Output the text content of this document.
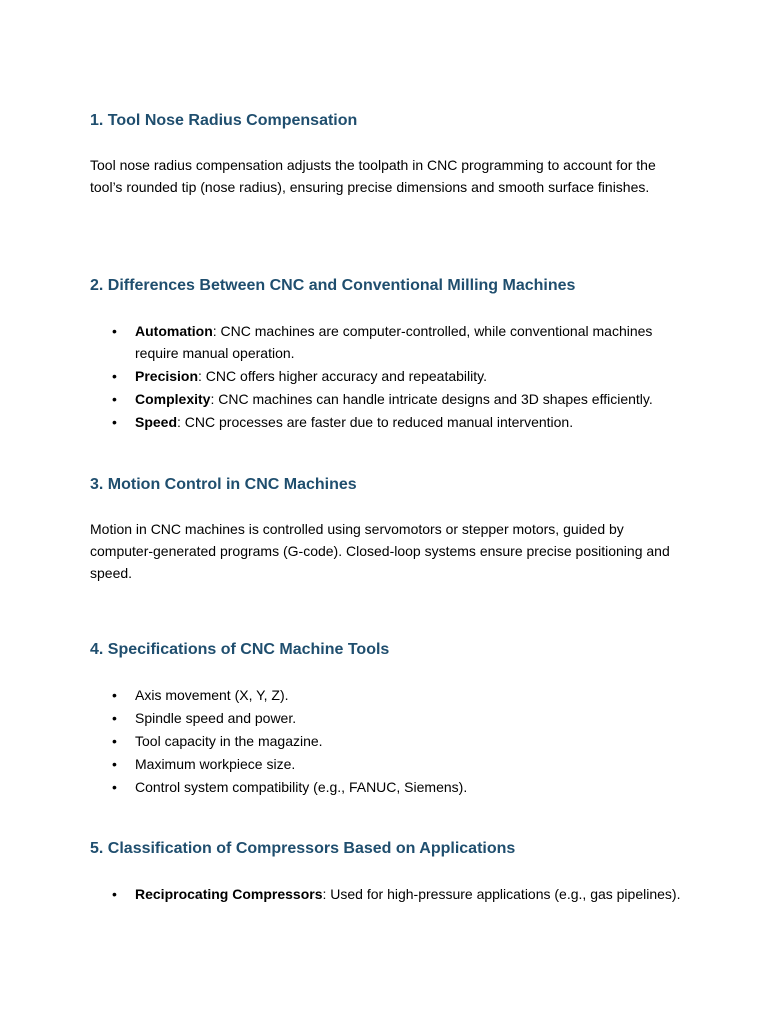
1. Tool Nose Radius Compensation

Tool nose radius compensation adjusts the toolpath in CNC programming to account for the tool’s rounded tip (nose radius), ensuring precise dimensions and smooth surface finishes.

2. Differences Between CNC and Conventional Milling Machines
• Automation: CNC machines are computer-controlled, while conventional machines require manual operation.
• Precision: CNC offers higher accuracy and repeatability.
• Complexity: CNC machines can handle intricate designs and 3D shapes efficiently.
• Speed: CNC processes are faster due to reduced manual intervention.
3. Motion Control in CNC Machines

Motion in CNC machines is controlled using servomotors or stepper motors, guided by computer-generated programs (G-code). Closed-loop systems ensure precise positioning and speed.

4. Specifications of CNC Machine Tools
• Axis movement (X, Y, Z).
• Spindle speed and power.
• Tool capacity in the magazine.
• Maximum workpiece size.
• Control system compatibility (e.g., FANUC, Siemens).
5. Classification of Compressors Based on Applications
• Reciprocating Compressors: Used for high-pressure applications (e.g., gas pipelines).
